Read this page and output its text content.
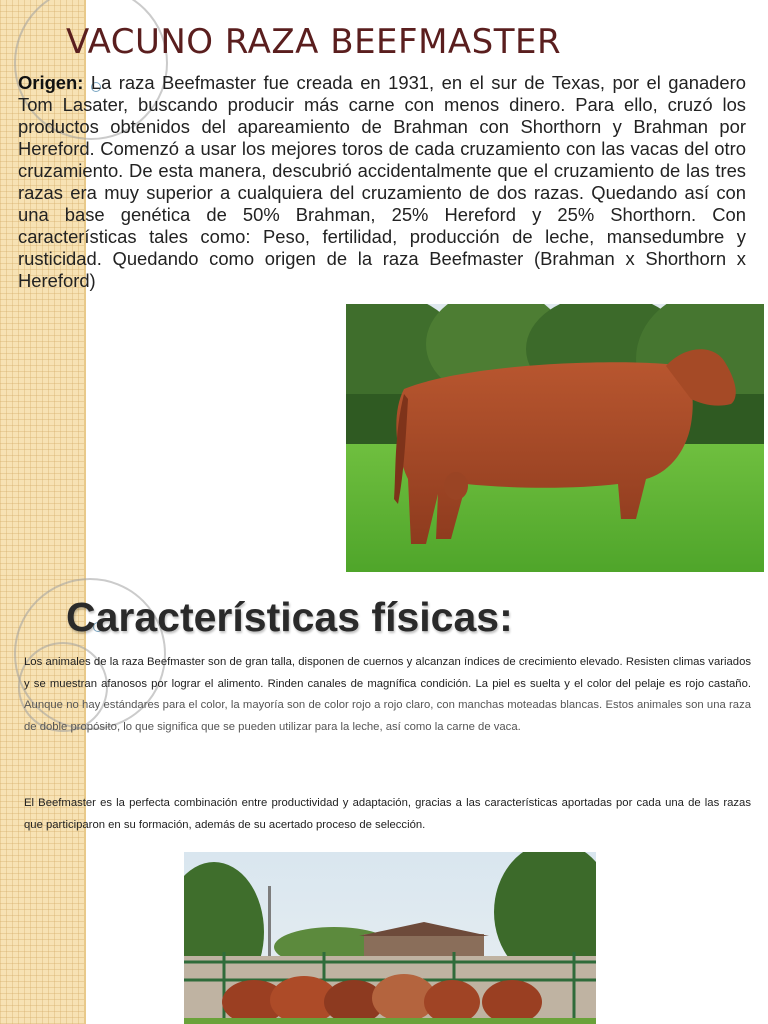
VACUNO RAZA BEEFMASTER

Origen: La raza Beefmaster fue creada en 1931, en el sur de Texas, por el ganadero Tom Lasater, buscando producir más carne con menos dinero. Para ello, cruzó los productos obtenidos del apareamiento de Brahman con Shorthorn y Brahman por Hereford. Comenzó a usar los mejores toros de cada cruzamiento con las vacas del otro cruzamiento. De esta manera, descubrió accidentalmente que el cruzamiento de las tres razas era muy superior a cualquiera del cruzamiento de dos razas. Quedando así con una base genética de 50% Brahman, 25% Hereford y 25% Shorthorn. Con características tales como: Peso, fertilidad, producción de leche, mansedumbre y rusticidad. Quedando como origen de la raza Beefmaster (Brahman x Shorthorn x Hereford)

Características físicas:

Los animales de la raza Beefmaster son de gran talla, disponen de cuernos y alcanzan índices de crecimiento elevado. Resisten climas variados y se muestran afanosos por lograr el alimento. Rinden canales de magnífica condición. La piel es suelta y el color del pelaje es rojo castaño. Aunque no hay estándares para el color, la mayoría son de color rojo a rojo claro, con manchas moteadas blancas. Estos animales son una raza de doble propósito, lo que significa que se pueden utilizar para la leche, así como la carne de vaca.

El Beefmaster es la perfecta combinación entre productividad y adaptación, gracias a las características aportadas por cada una de las razas que participaron en su formación, además de su acertado proceso de selección.
